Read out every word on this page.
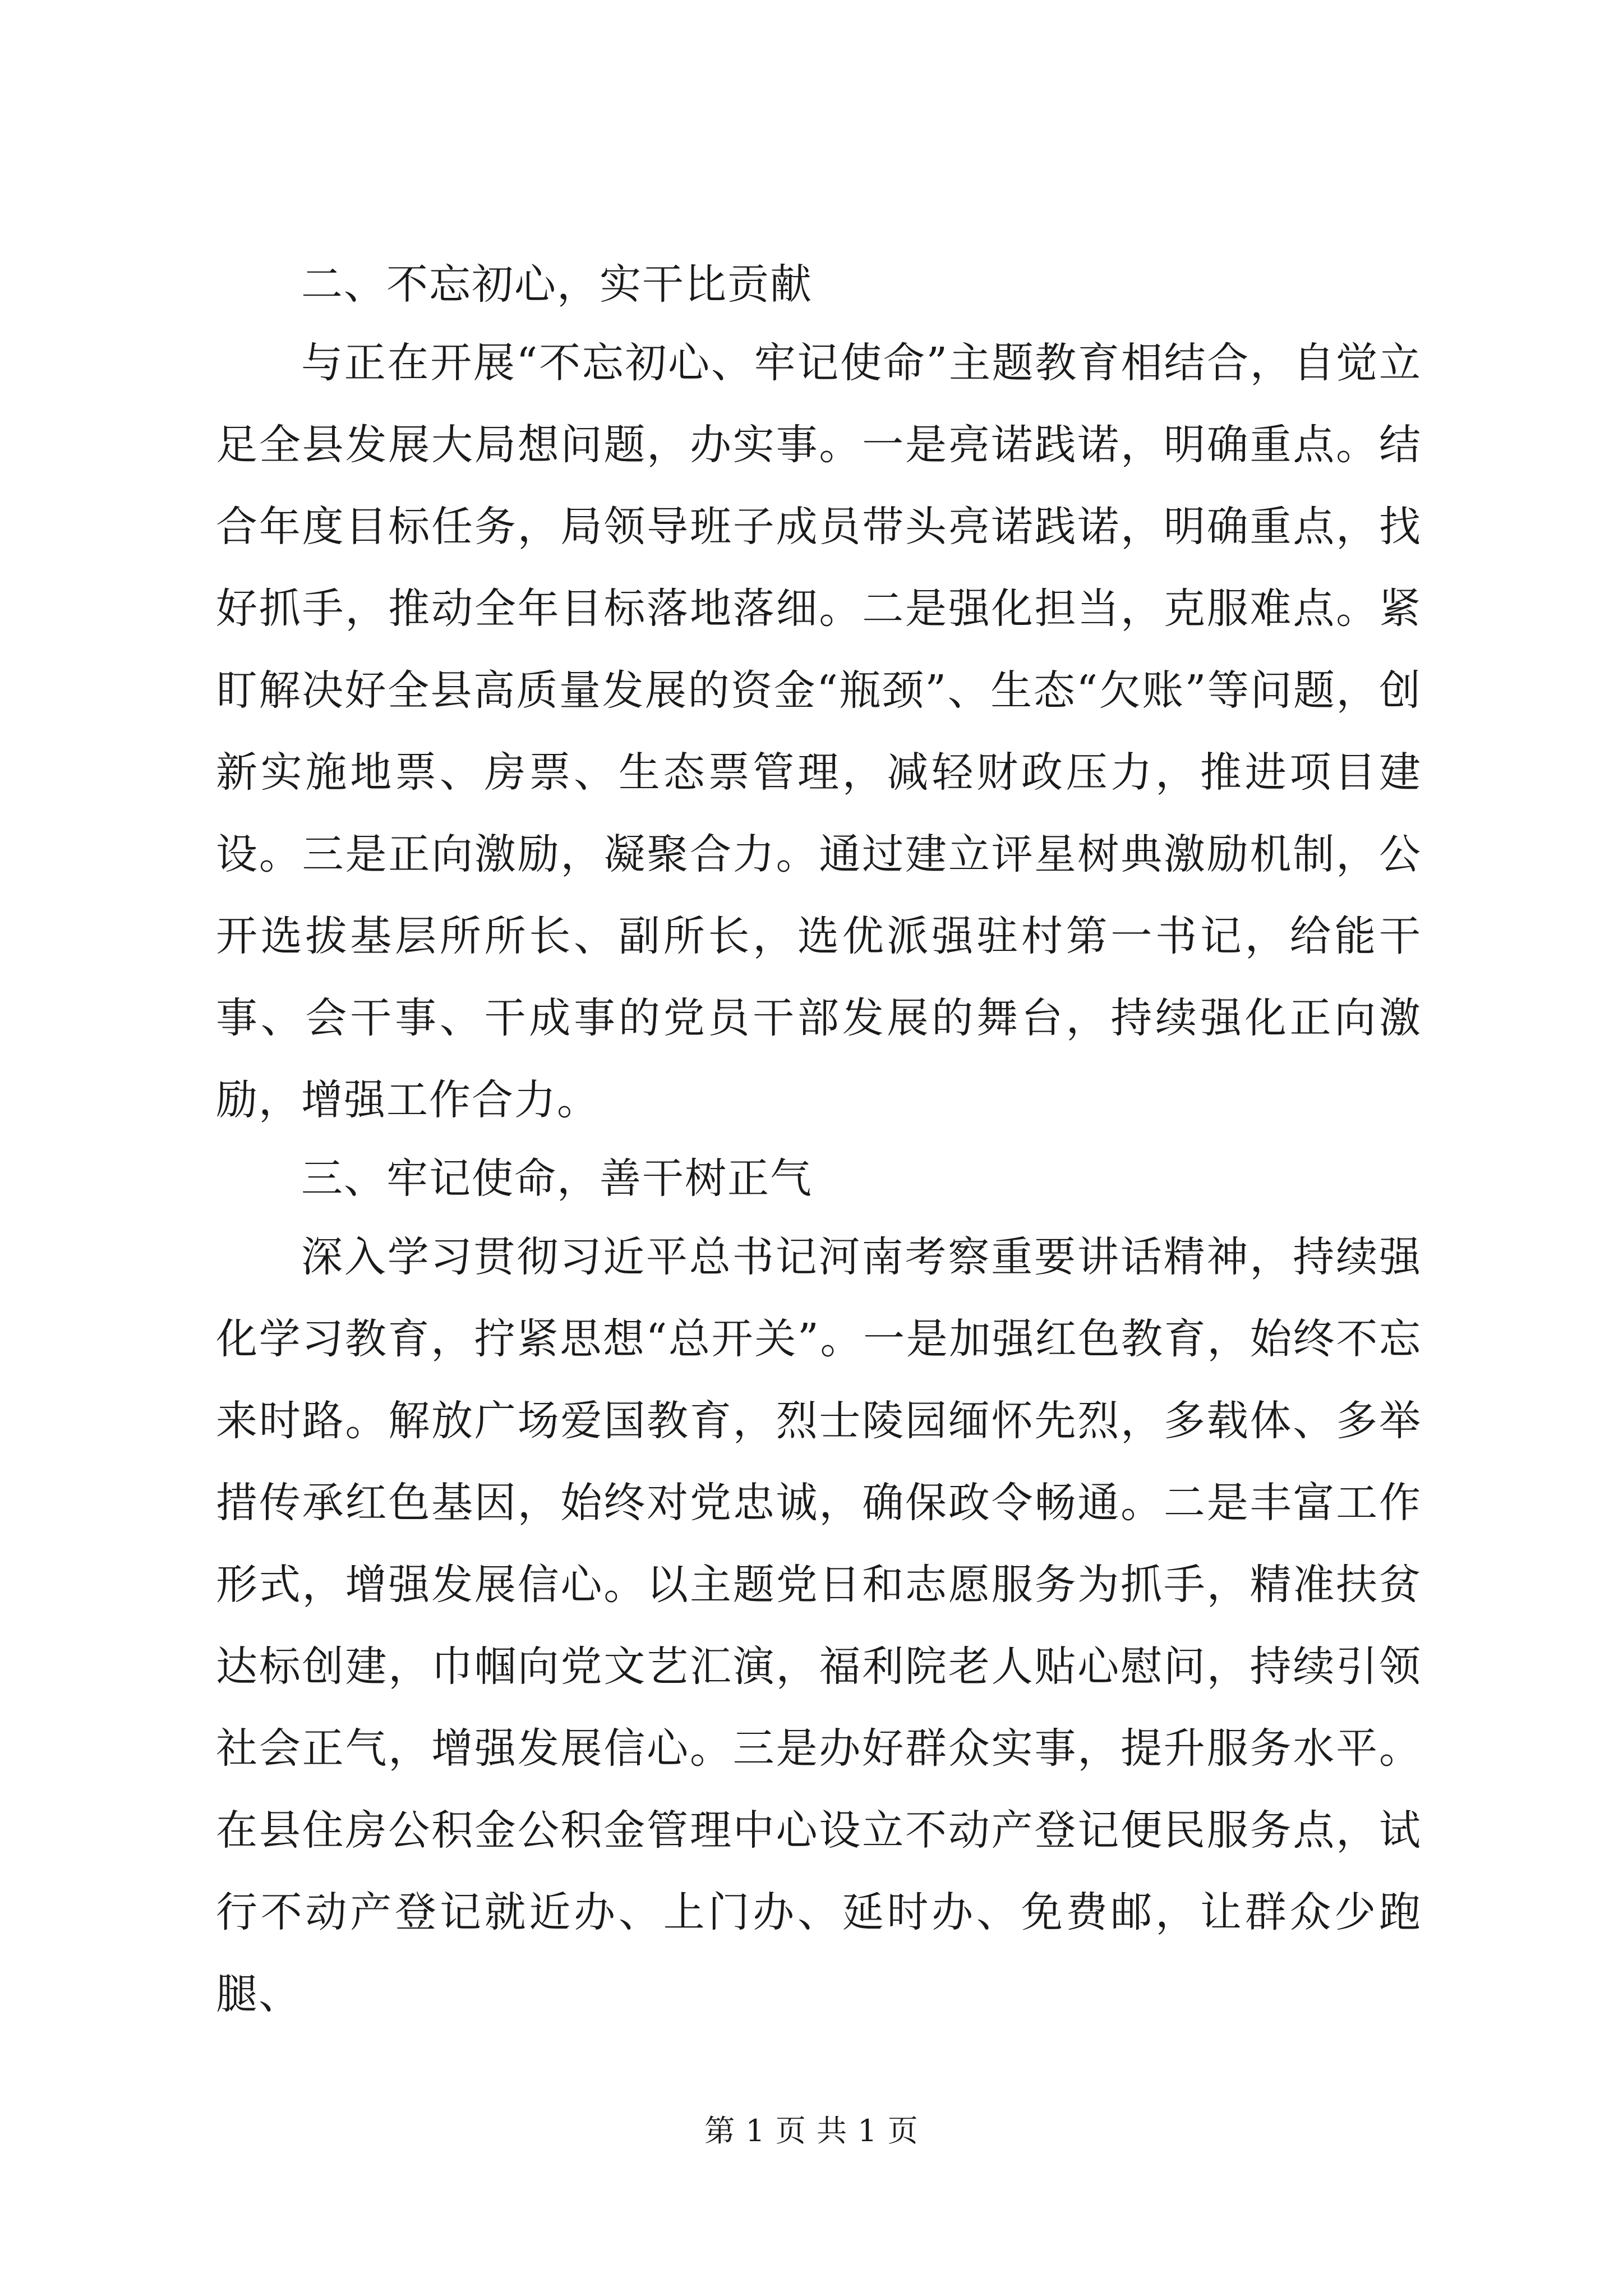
二、不忘初心，实干比贡献

与正在开展“不忘初心、牢记使命”主题教育相结合，自觉立足全县发展大局想问题，办实事。一是亮诺践诺，明确重点。结合年度目标任务，局领导班子成员带头亮诺践诺，明确重点，找好抓手，推动全年目标落地落细。二是强化担当，克服难点。紧盯解决好全县高质量发展的资金“瓶颈”、生态“欠账”等问题，创新实施地票、房票、生态票管理，减轻财政压力，推进项目建设。三是正向激励，凝聚合力。通过建立评星树典激励机制，公开选拔基层所所长、副所长，选优派强驻村第一书记，给能干事、会干事、干成事的党员干部发展的舞台，持续强化正向激励，增强工作合力。

三、牢记使命，善干树正气

深入学习贯彻习近平总书记河南考察重要讲话精神，持续强化学习教育，拧紧思想“总开关”。一是加强红色教育，始终不忘来时路。解放广场爱国教育，烈士陵园缅怀先烈，多载体、多举措传承红色基因，始终对党忠诚，确保政令畅通。二是丰富工作形式，增强发展信心。以主题党日和志愿服务为抓手，精准扶贫达标创建，巾帼向党文艺汇演，福利院老人贴心慰问，持续引领社会正气，增强发展信心。三是办好群众实事，提升服务水平。在县住房公积金公积金管理中心设立不动产登记便民服务点，试行不动产登记就近办、上门办、延时办、免费邮，让群众少跑腿、

第 1 页 共 1 页
